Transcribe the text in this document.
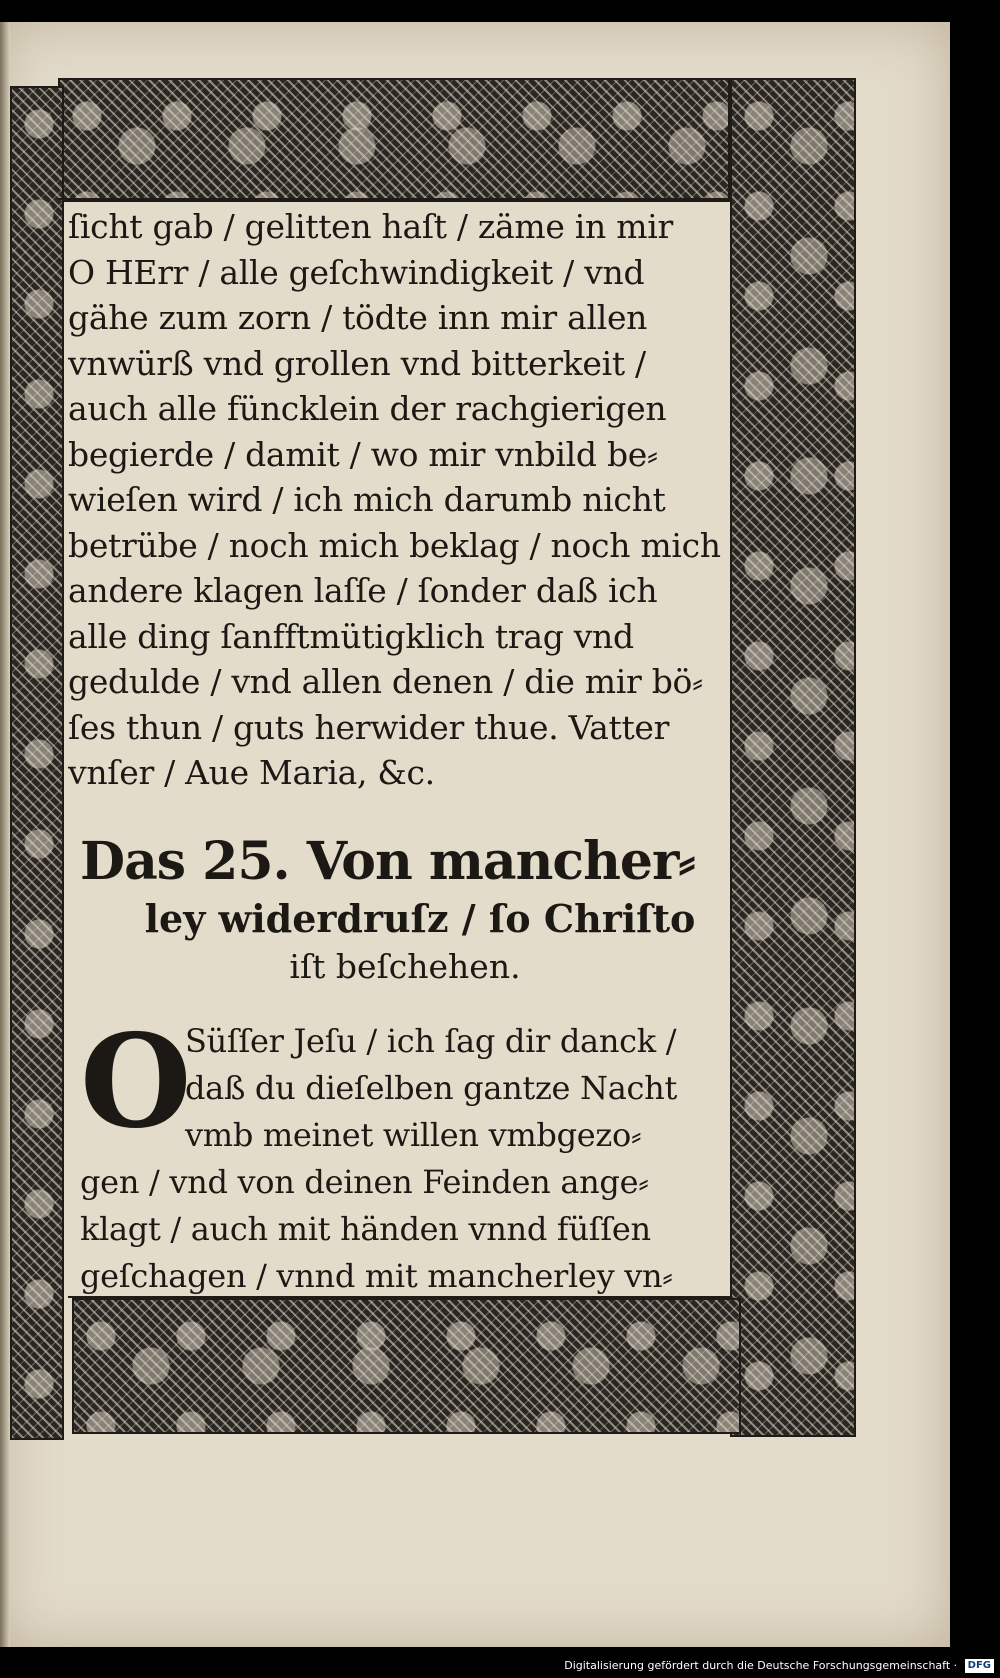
ſicht gab / gelitten haſt / zäme in mir
O HErr / alle geſchwindigkeit / vnd
gähe zum zorn / tödte inn mir allen
vnwürß vnd grollen vnd bitterkeit /
auch alle füncklein der rachgierigen
begierde / damit / wo mir vnbild be⸗
wieſen wird / ich mich darumb nicht
betrübe / noch mich beklag / noch mich
andere klagen laſſe / ſonder daß ich
alle ding ſanfftmütigklich trag vnd
gedulde / vnd allen denen / die mir bö⸗
ſes thun / guts herwider thue. Vatter
vnſer / Aue Maria, &c.
Das 25. Von mancher⸗
ley widerdruſz / ſo Chriſto
iſt beſchehen.
O
Süſſer Jeſu / ich ſag dir danck /
daß du dieſelben gantze Nacht
vmb meinet willen vmbgezo⸗
gen / vnd von deinen Feinden ange⸗
klagt / auch mit händen vnnd füſſen
geſchagen / vnnd mit mancherley vn⸗
Digitalisierung gefördert durch die Deutsche Forschungsgemeinschaft · DFG
